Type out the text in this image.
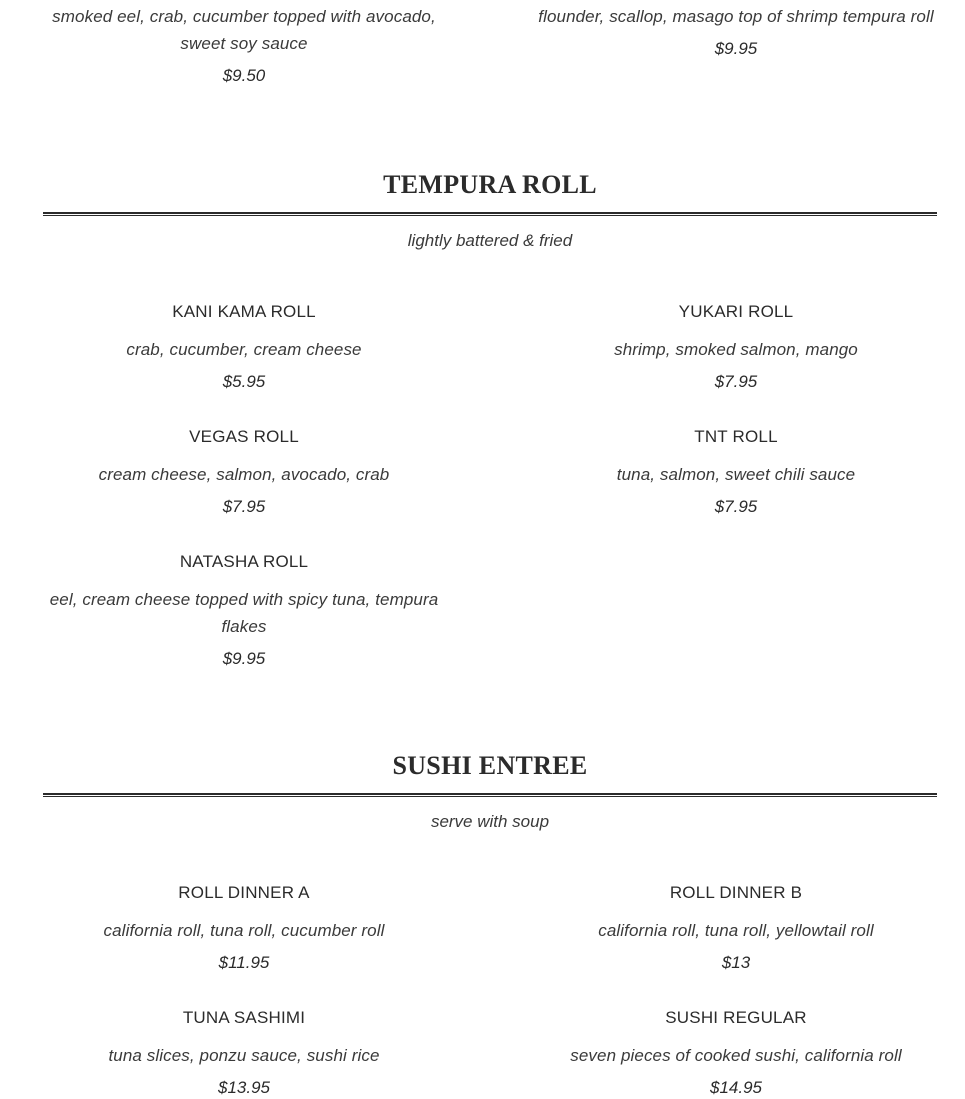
smoked eel, crab, cucumber topped with avocado, sweet soy sauce
$9.50
flounder, scallop, masago top of shrimp tempura roll
$9.95
TEMPURA ROLL
lightly battered & fried
KANI KAMA ROLL
crab, cucumber, cream cheese
$5.95
YUKARI ROLL
shrimp, smoked salmon, mango
$7.95
VEGAS ROLL
cream cheese, salmon, avocado, crab
$7.95
TNT ROLL
tuna, salmon, sweet chili sauce
$7.95
NATASHA ROLL
eel, cream cheese topped with spicy tuna, tempura flakes
$9.95
SUSHI ENTREE
serve with soup
ROLL DINNER A
california roll, tuna roll, cucumber roll
$11.95
ROLL DINNER B
california roll, tuna roll, yellowtail roll
$13
TUNA SASHIMI
tuna slices, ponzu sauce, sushi rice
$13.95
SUSHI REGULAR
seven pieces of cooked sushi, california roll
$14.95
